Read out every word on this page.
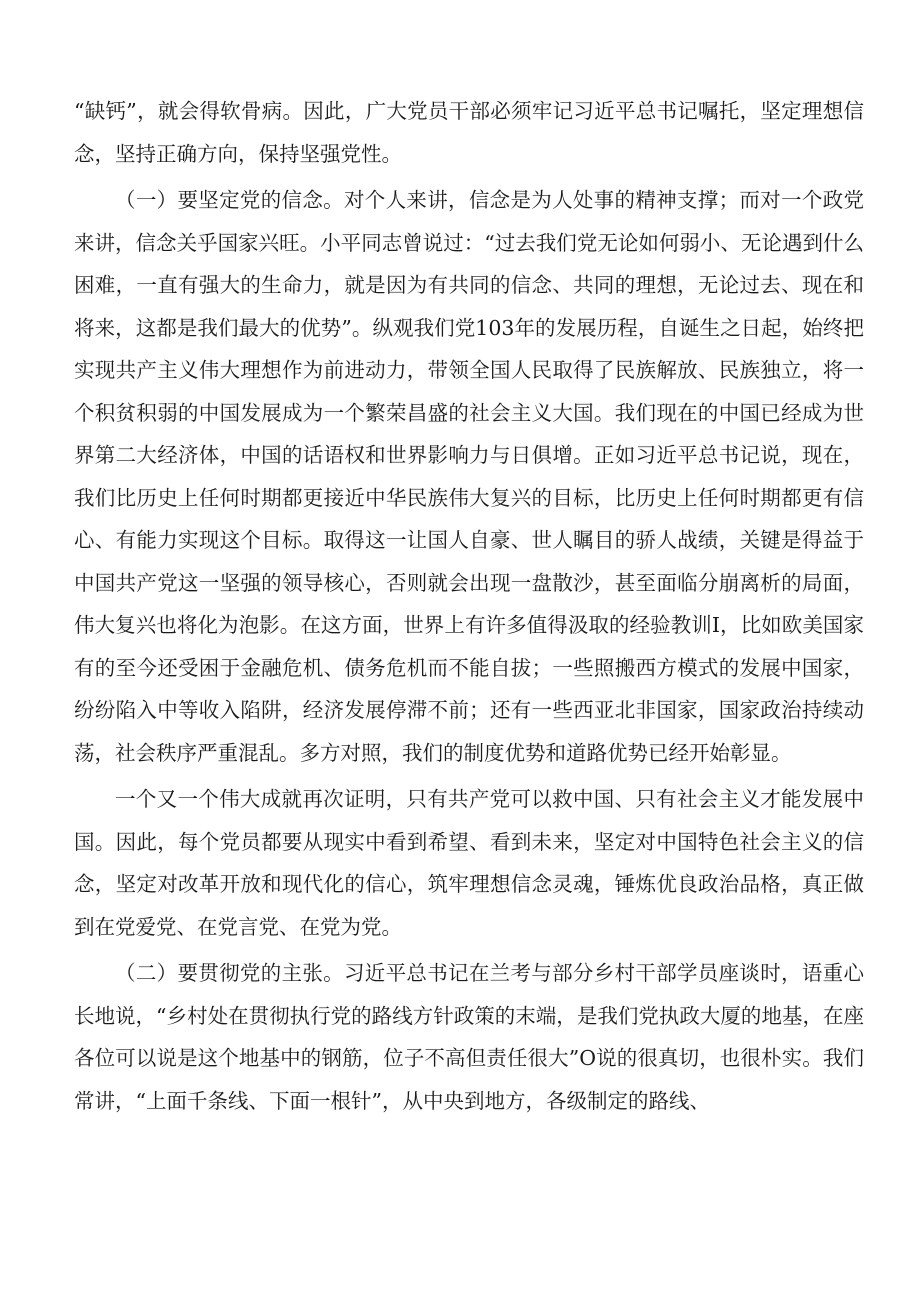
“缺钙”，就会得软骨病。因此，广大党员干部必须牢记习近平总书记嘱托，坚定理想信念，坚持正确方向，保持坚强党性。

（一）要坚定党的信念。对个人来讲，信念是为人处事的精神支撑；而对一个政党来讲，信念关乎国家兴旺。小平同志曾说过：“过去我们党无论如何弱小、无论遇到什么困难，一直有强大的生命力，就是因为有共同的信念、共同的理想，无论过去、现在和将来，这都是我们最大的优势”。纵观我们党103年的发展历程，自诞生之日起，始终把实现共产主义伟大理想作为前进动力，带领全国人民取得了民族解放、民族独立，将一个积贫积弱的中国发展成为一个繁荣昌盛的社会主义大国。我们现在的中国已经成为世界第二大经济体，中国的话语权和世界影响力与日俱增。正如习近平总书记说，现在，我们比历史上任何时期都更接近中华民族伟大复兴的目标，比历史上任何时期都更有信心、有能力实现这个目标。取得这一让国人自豪、世人瞩目的骄人战绩，关键是得益于中国共产党这一坚强的领导核心，否则就会出现一盘散沙，甚至面临分崩离析的局面，伟大复兴也将化为泡影。在这方面，世界上有许多值得汲取的经验教训I，比如欧美国家有的至今还受困于金融危机、债务危机而不能自拔；一些照搬西方模式的发展中国家，纷纷陷入中等收入陷阱，经济发展停滞不前；还有一些西亚北非国家，国家政治持续动荡，社会秩序严重混乱。多方对照，我们的制度优势和道路优势已经开始彰显。

一个又一个伟大成就再次证明，只有共产党可以救中国、只有社会主义才能发展中国。因此，每个党员都要从现实中看到希望、看到未来，坚定对中国特色社会主义的信念，坚定对改革开放和现代化的信心，筑牢理想信念灵魂，锤炼优良政治品格，真正做到在党爱党、在党言党、在党为党。

（二）要贯彻党的主张。习近平总书记在兰考与部分乡村干部学员座谈时，语重心长地说，“乡村处在贯彻执行党的路线方针政策的末端，是我们党执政大厦的地基，在座各位可以说是这个地基中的钢筋，位子不高但责任很大”O说的很真切，也很朴实。我们常讲，“上面千条线、下面一根针”，从中央到地方，各级制定的路线、
